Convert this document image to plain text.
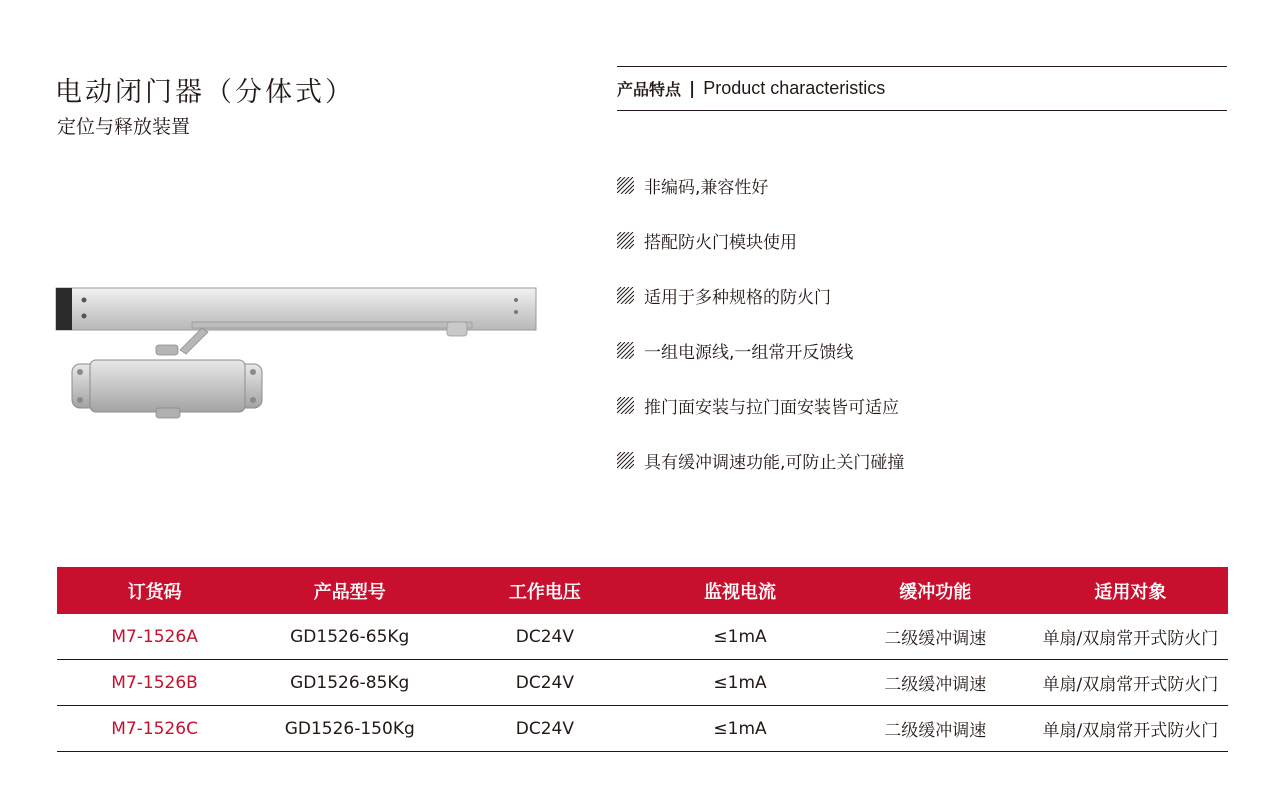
电动闭门器（分体式）
定位与释放装置
产品特点 | Product characteristics
非编码,兼容性好
搭配防火门模块使用
适用于多种规格的防火门
一组电源线,一组常开反馈线
推门面安装与拉门面安装皆可适应
具有缓冲调速功能,可防止关门碰撞
订货码	产品型号	工作电压	监视电流	缓冲功能	适用对象
M7-1526A	GD1526-65Kg	DC24V	≤1mA	二级缓冲调速	单扇/双扇常开式防火门
M7-1526B	GD1526-85Kg	DC24V	≤1mA	二级缓冲调速	单扇/双扇常开式防火门
M7-1526C	GD1526-150Kg	DC24V	≤1mA	二级缓冲调速	单扇/双扇常开式防火门
